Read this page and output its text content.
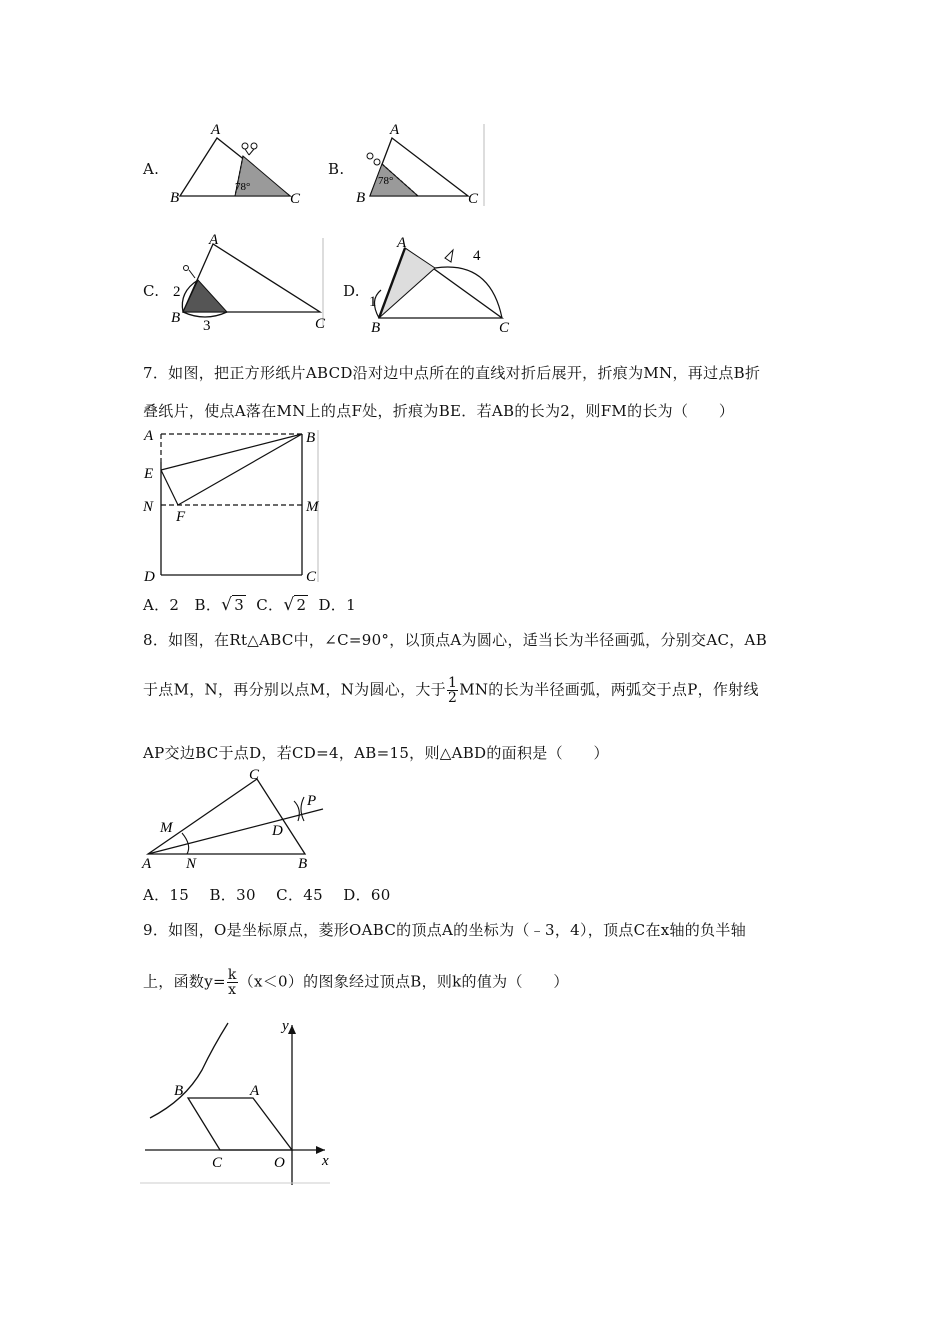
A.
A
B	C
78°
B.
A
B	C
78°
C.
A
B	C
2
3
D.
A
B	C
1
4
7．如图，把正方形纸片ABCD沿对边中点所在的直线对折后展开，折痕为MN，再过点B折
叠纸片，使点A落在MN上的点F处，折痕为BE．若AB的长为2，则FM的长为（　　）
A	B
E
N	M
F
D	C
A．2 B．√ 3 C．√ 2 D．1
8．如图，在Rt△ABC中，∠C=90°，以顶点A为圆心，适当长为半径画弧，分别交AC，AB
于点M，N，再分别以点M，N为圆心，大于 $\frac{1}{2}$ MN的长为半径画弧，两弧交于点P，作射线
AP交边BC于点D，若CD=4，AB=15，则△ABD的面积是（　　）
C
P
M	D
A N	B
A．15　 B．30　 C．45　 D．60
9．如图，O是坐标原点，菱形OABC的顶点A的坐标为（﹣3，4），顶点C在x轴的负半轴
上，函数$y= \frac{k}{x} (x<0)$的图象经过顶点B，则k的值为（　　）
y
x
B	A
C	O
